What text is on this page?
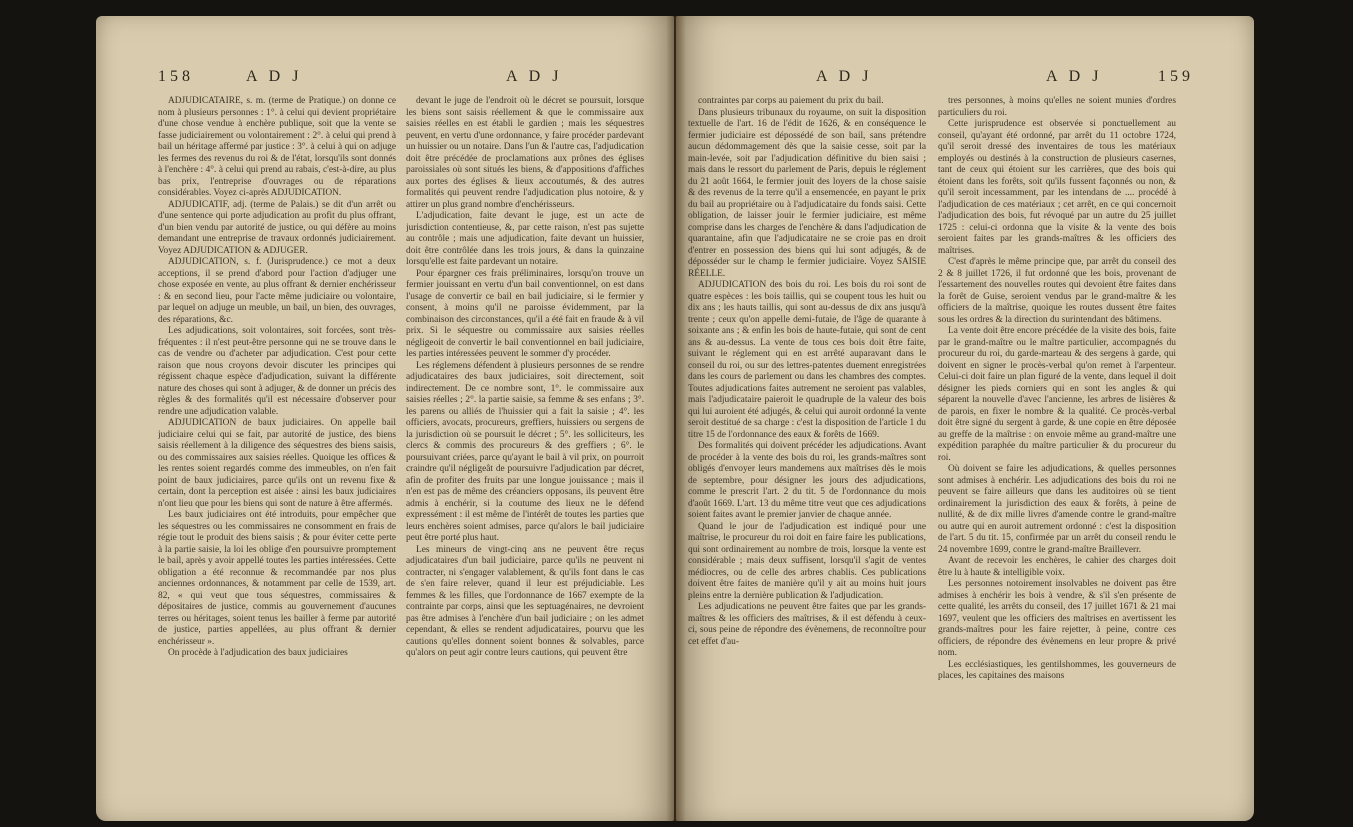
158	A D J	A D J

ADJUDICATAIRE, s. m. (terme de Pratique.) on donne ce nom à plusieurs personnes : 1°. à celui qui devient propriétaire d'une chose vendue à enchère publique, soit que la vente se fasse judiciairement ou volontairement : 2°. à celui qui prend à bail un héritage affermé par justice : 3°. à celui à qui on adjuge les fermes des revenus du roi & de l'état, lorsqu'ils sont donnés à l'enchère : 4°. à celui qui prend au rabais, c'est-à-dire, au plus bas prix, l'entreprise d'ouvrages ou de réparations considérables. Voyez ci-après ADJUDICATION.

ADJUDICATIF, adj. (terme de Palais.) se dit d'un arrêt ou d'une sentence qui porte adjudication au profit du plus offrant, d'un bien vendu par autorité de justice, ou qui défère au moins demandant une entreprise de travaux ordonnés judiciairement. Voyez ADJUDICATION & ADJUGER.

ADJUDICATION, s. f. (Jurisprudence.) ce mot a deux acceptions, il se prend d'abord pour l'action d'adjuger une chose exposée en vente, au plus offrant & dernier enchérisseur : & en second lieu, pour l'acte même judiciaire ou volontaire, par lequel on adjuge un meuble, un bail, un bien, des ouvrages, des réparations, &c.

Les adjudications, soit volontaires, soit forcées, sont très-fréquentes : il n'est peut-être personne qui ne se trouve dans le cas de vendre ou d'acheter par adjudication. C'est pour cette raison que nous croyons devoir discuter les principes qui régissent chaque espèce d'adjudication, suivant la différente nature des choses qui sont à adjuger, & de donner un précis des règles & des formalités qu'il est nécessaire d'observer pour rendre une adjudication valable.

ADJUDICATION de baux judiciaires. On appelle bail judiciaire celui qui se fait, par autorité de justice, des biens saisis réellement à la diligence des séquestres des biens saisis, ou des commissaires aux saisies réelles. Quoique les offices & les rentes soient regardés comme des immeubles, on n'en fait point de baux judiciaires, parce qu'ils ont un revenu fixe & certain, dont la perception est aisée : ainsi les baux judiciaires n'ont lieu que pour les biens qui sont de nature à être affermés.

Les baux judiciaires ont été introduits, pour empêcher que les séquestres ou les commissaires ne consomment en frais de régie tout le produit des biens saisis ; & pour éviter cette perte à la partie saisie, la loi les oblige d'en poursuivre promptement le bail, après y avoir appellé toutes les parties intéressées. Cette obligation a été reconnue & recommandée par nos plus anciennes ordonnances, & notamment par celle de 1539, art. 82, « qui veut que tous séquestres, commissaires & dépositaires de justice, commis au gouvernement d'aucunes terres ou héritages, soient tenus les bailler à ferme par autorité de justice, parties appellées, au plus offrant & dernier enchérisseur ».

On procède à l'adjudication des baux judiciaires

devant le juge de l'endroit où le décret se poursuit, lorsque les biens sont saisis réellement & que le commissaire aux saisies réelles en est établi le gardien ; mais les séquestres peuvent, en vertu d'une ordonnance, y faire procéder pardevant un huissier ou un notaire. Dans l'un & l'autre cas, l'adjudication doit être précédée de proclamations aux prônes des églises paroissiales où sont situés les biens, & d'appositions d'affiches aux portes des églises & lieux accoutumés, & des autres formalités qui peuvent rendre l'adjudication plus notoire, & y attirer un plus grand nombre d'enchérisseurs.

L'adjudication, faite devant le juge, est un acte de jurisdiction contentieuse, &, par cette raison, n'est pas sujette au contrôle ; mais une adjudication, faite devant un huissier, doit être contrôlée dans les trois jours, & dans la quinzaine lorsqu'elle est faite pardevant un notaire.

Pour épargner ces frais préliminaires, lorsqu'on trouve un fermier jouissant en vertu d'un bail conventionnel, on est dans l'usage de convertir ce bail en bail judiciaire, si le fermier y consent, à moins qu'il ne paroisse évidemment, par la combinaison des circonstances, qu'il a été fait en fraude & à vil prix. Si le séquestre ou commissaire aux saisies réelles négligeoit de convertir le bail conventionnel en bail judiciaire, les parties intéressées peuvent le sommer d'y procéder.

Les réglemens défendent à plusieurs personnes de se rendre adjudicataires des baux judiciaires, soit directement, soit indirectement. De ce nombre sont, 1°. le commissaire aux saisies réelles ; 2°. la partie saisie, sa femme & ses enfans ; 3°. les parens ou alliés de l'huissier qui a fait la saisie ; 4°. les officiers, avocats, procureurs, greffiers, huissiers ou sergens de la jurisdiction où se poursuit le décret ; 5°. les solliciteurs, les clercs & commis des procureurs & des greffiers ; 6°. le poursuivant criées, parce qu'ayant le bail à vil prix, on pourroit craindre qu'il négligeât de poursuivre l'adjudication par décret, afin de profiter des fruits par une longue jouissance ; mais il n'en est pas de même des créanciers opposans, ils peuvent être admis à enchérir, si la coutume des lieux ne le défend expressément : il est même de l'intérêt de toutes les parties que leurs enchères soient admises, parce qu'alors le bail judiciaire peut être porté plus haut.

Les mineurs de vingt-cinq ans ne peuvent être reçus adjudicataires d'un bail judiciaire, parce qu'ils ne peuvent ni contracter, ni s'engager valablement, & qu'ils font dans le cas de s'en faire relever, quand il leur est préjudiciable. Les femmes & les filles, que l'ordonnance de 1667 exempte de la contrainte par corps, ainsi que les septuagénaires, ne devroient pas être admises à l'enchère d'un bail judiciaire ; on les admet cependant, & elles se rendent adjudicataires, pourvu que les cautions qu'elles donnent soient bonnes & solvables, parce qu'alors on peut agir contre leurs cautions, qui peuvent être

A D J	A D J	159

contraintes par corps au paiement du prix du bail.

Dans plusieurs tribunaux du royaume, on suit la disposition textuelle de l'art. 16 de l'édit de 1626, & en conséquence le fermier judiciaire est dépossédé de son bail, sans prétendre aucun dédommagement dès que la saisie cesse, soit par la main-levée, soit par l'adjudication définitive du bien saisi ; mais dans le ressort du parlement de Paris, depuis le réglement du 21 août 1664, le fermier jouit des loyers de la chose saisie & des revenus de la terre qu'il a ensemencée, en payant le prix du bail au propriétaire ou à l'adjudicataire du fonds saisi. Cette obligation, de laisser jouir le fermier judiciaire, est même comprise dans les charges de l'enchère & dans l'adjudication de quarantaine, afin que l'adjudicataire ne se croie pas en droit d'entrer en possession des biens qui lui sont adjugés, & de déposséder sur le champ le fermier judiciaire. Voyez SAISIE RÉELLE.

ADJUDICATION des bois du roi. Les bois du roi sont de quatre espèces : les bois taillis, qui se coupent tous les huit ou dix ans ; les hauts taillis, qui sont au-dessus de dix ans jusqu'à trente ; ceux qu'on appelle demi-futaie, de l'âge de quarante à soixante ans ; & enfin les bois de haute-futaie, qui sont de cent ans & au-dessus. La vente de tous ces bois doit être faite, suivant le réglement qui en est arrêté auparavant dans le conseil du roi, ou sur des lettres-patentes duement enregistrées dans les cours de parlement ou dans les chambres des comptes. Toutes adjudications faites autrement ne seroient pas valables, mais l'adjudicataire paieroit le quadruple de la valeur des bois qui lui auroient été adjugés, & celui qui auroit ordonné la vente seroit destitué de sa charge : c'est la disposition de l'article 1 du titre 15 de l'ordonnance des eaux & forêts de 1669.

Des formalités qui doivent précéder les adjudications. Avant de procéder à la vente des bois du roi, les grands-maîtres sont obligés d'envoyer leurs mandemens aux maîtrises dès le mois de septembre, pour désigner les jours des adjudications, comme le prescrit l'art. 2 du tit. 5 de l'ordonnance du mois d'août 1669. L'art. 13 du même titre veut que ces adjudications soient faites avant le premier janvier de chaque année.

Quand le jour de l'adjudication est indiqué pour une maîtrise, le procureur du roi doit en faire faire les publications, qui sont ordinairement au nombre de trois, lorsque la vente est considérable ; mais deux suffisent, lorsqu'il s'agit de ventes médiocres, ou de celle des arbres chablis. Ces publications doivent être faites de manière qu'il y ait au moins huit jours pleins entre la dernière publication & l'adjudication.

Les adjudications ne peuvent être faites que par les grands-maîtres & les officiers des maîtrises, & il est défendu à ceux-ci, sous peine de répondre des évènemens, de reconnoître pour cet effet d'au-

tres personnes, à moins qu'elles ne soient munies d'ordres particuliers du roi.

Cette jurisprudence est observée si ponctuellement au conseil, qu'ayant été ordonné, par arrêt du 11 octobre 1724, qu'il seroit dressé des inventaires de tous les matériaux employés ou destinés à la construction de plusieurs casernes, tant de ceux qui étoient sur les carrières, que des bois qui étoient dans les forêts, soit qu'ils fussent façonnés ou non, & qu'il seroit incessamment, par les intendans de .... procédé à l'adjudication de ces matériaux ; cet arrêt, en ce qui concernoit l'adjudication des bois, fut révoqué par un autre du 25 juillet 1725 : celui-ci ordonna que la visite & la vente des bois seroient faites par les grands-maîtres & les officiers des maîtrises.

C'est d'après le même principe que, par arrêt du conseil des 2 & 8 juillet 1726, il fut ordonné que les bois, provenant de l'essartement des nouvelles routes qui devoient être faites dans la forêt de Guise, seroient vendus par le grand-maître & les officiers de la maîtrise, quoique les routes dussent être faites sous les ordres & la direction du surintendant des bâtimens.

La vente doit être encore précédée de la visite des bois, faite par le grand-maître ou le maître particulier, accompagnés du procureur du roi, du garde-marteau & des sergens à garde, qui doivent en signer le procès-verbal qu'on remet à l'arpenteur. Celui-ci doit faire un plan figuré de la vente, dans lequel il doit désigner les pieds corniers qui en sont les angles & qui séparent la nouvelle d'avec l'ancienne, les arbres de lisières & de parois, en fixer le nombre & la qualité. Ce procès-verbal doit être signé du sergent à garde, & une copie en être déposée au greffe de la maîtrise : on envoie même au grand-maître une expédition paraphée du maître particulier & du procureur du roi.

Où doivent se faire les adjudications, & quelles personnes sont admises à enchérir. Les adjudications des bois du roi ne peuvent se faire ailleurs que dans les auditoires où se tient ordinairement la jurisdiction des eaux & forêts, à peine de nullité, & de dix mille livres d'amende contre le grand-maître ou autre qui en auroit autrement ordonné : c'est la disposition de l'art. 5 du tit. 15, confirmée par un arrêt du conseil rendu le 24 novembre 1699, contre le grand-maître Brailleverr.

Avant de recevoir les enchères, le cahier des charges doit être lu à haute & intelligible voix.

Les personnes notoirement insolvables ne doivent pas être admises à enchérir les bois à vendre, & s'il s'en présente de cette qualité, les arrêts du conseil, des 17 juillet 1671 & 21 mai 1697, veulent que les officiers des maîtrises en avertissent les grands-maîtres pour les faire rejetter, à peine, contre ces officiers, de répondre des évènemens en leur propre & privé nom.

Les ecclésiastiques, les gentilshommes, les gouverneurs de places, les capitaines des maisons
